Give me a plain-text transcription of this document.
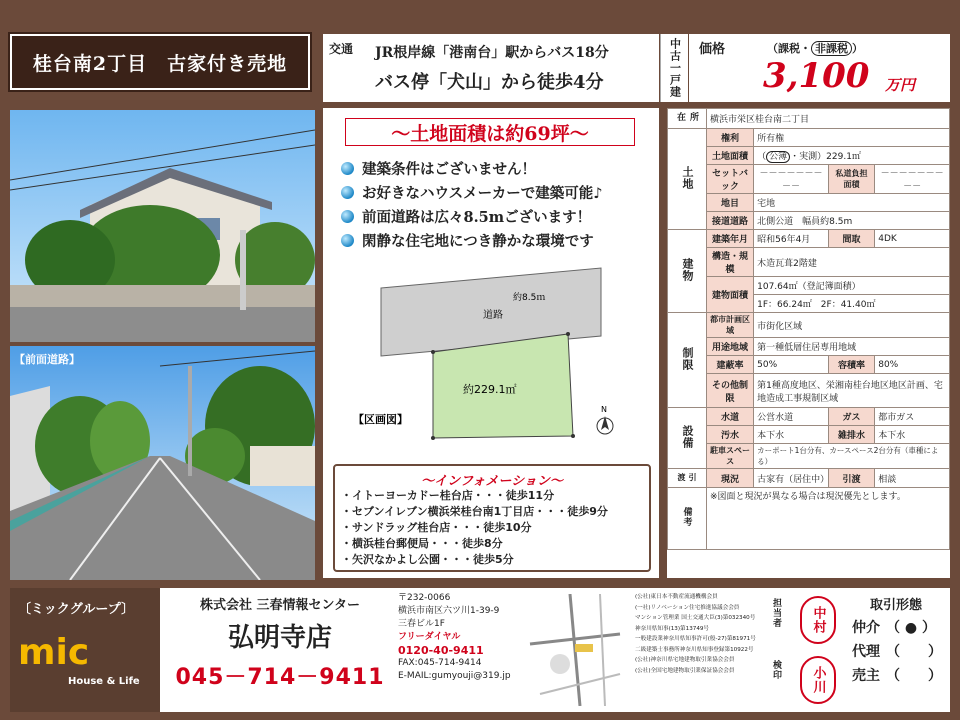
桂台南2丁目　古家付き売地
交通 JR根岸線「港南台」駅からバス18分
バス停「犬山」から徒歩4分	中古一戸建 価格	（課税・ 非課税 ）
3,100 万円
【前面道路】
～土地面積は約69坪～
建築条件はございません！
お好きなハウスメーカーで建築可能♪
前面道路は広々8.5mございます！
閑静な住宅地につき静かな環境です
道路
約8.5ｍ
約229.1㎡
【区画図】
N
～インフォメーション～
・イトーヨーカドー桂台店・・・徒歩11分
・セブンイレブン横浜栄桂台南1丁目店・・・徒歩9分
・サンドラッグ桂台店・・・徒歩10分
・横浜桂台郵便局・・・徒歩8分
・矢沢なかよし公園・・・徒歩5分
所在	横浜市栄区桂台南二丁目			
土地	権利	所有権		
	土地面積	（ 公簿 ・実測）229.1㎡		
	セットバック	－－－－－－－－－	私道負担面積	－－－－－－－－－
	地目	宅地		
	接道道路	北側公道　幅員約8.5m		
建物	建築年月	昭和56年4月	間取	4DK
	構造・規模	木造瓦葺2階建		
	建物面積	107.64㎡（登記簿面積）		
		1F：66.24㎡　2F：41.40㎡		
制限	都市計画区域	市街化区域		
	用途地域	第一種低層住居専用地域		
	建蔽率	50%	容積率	80%
	その他制限	第1種高度地区、栄湘南桂台地区地区計画、宅地造成工事規制区域		
設備	水道	公営水道	ガス	都市ガス
	汚水	本下水	雑排水	本下水
	駐車スペース	カーポート1台分有、カースペース2台分有（車種による）		
引渡	現況	古家有（居住中）	引渡	相談
備考	※図面と現況が異なる場合は現況優先とします。			
〔ミックグループ〕
mic
House & Life
株式会社 三春情報センター
弘明寺店
045－714－9411
〒232-0066
横浜市南区六ツ川1-39-9
三春ビル1F
フリーダイヤル
0120-40-9411
FAX:045-714-9414
E-MAIL:gumyouji@319.jp
(公社)東日本不動産流通機構会員
(一社)リノベーション住宅推進協議会会員
マンション管理業 国土交通大臣(3)第032340号
神奈川県知事(13)第13749号
一般建設業神奈川県知事許可(般-27)第81971号
二級建築士事務所神奈川県知事登録第10922号
(公社)神奈川県宅地建物取引業協会会員
(公社)全国宅地建物取引業保証協会会員
担当者
検印
中村
小川
取引形態
仲介 （ ● ）
代理 （　　）
売主 （　　）
